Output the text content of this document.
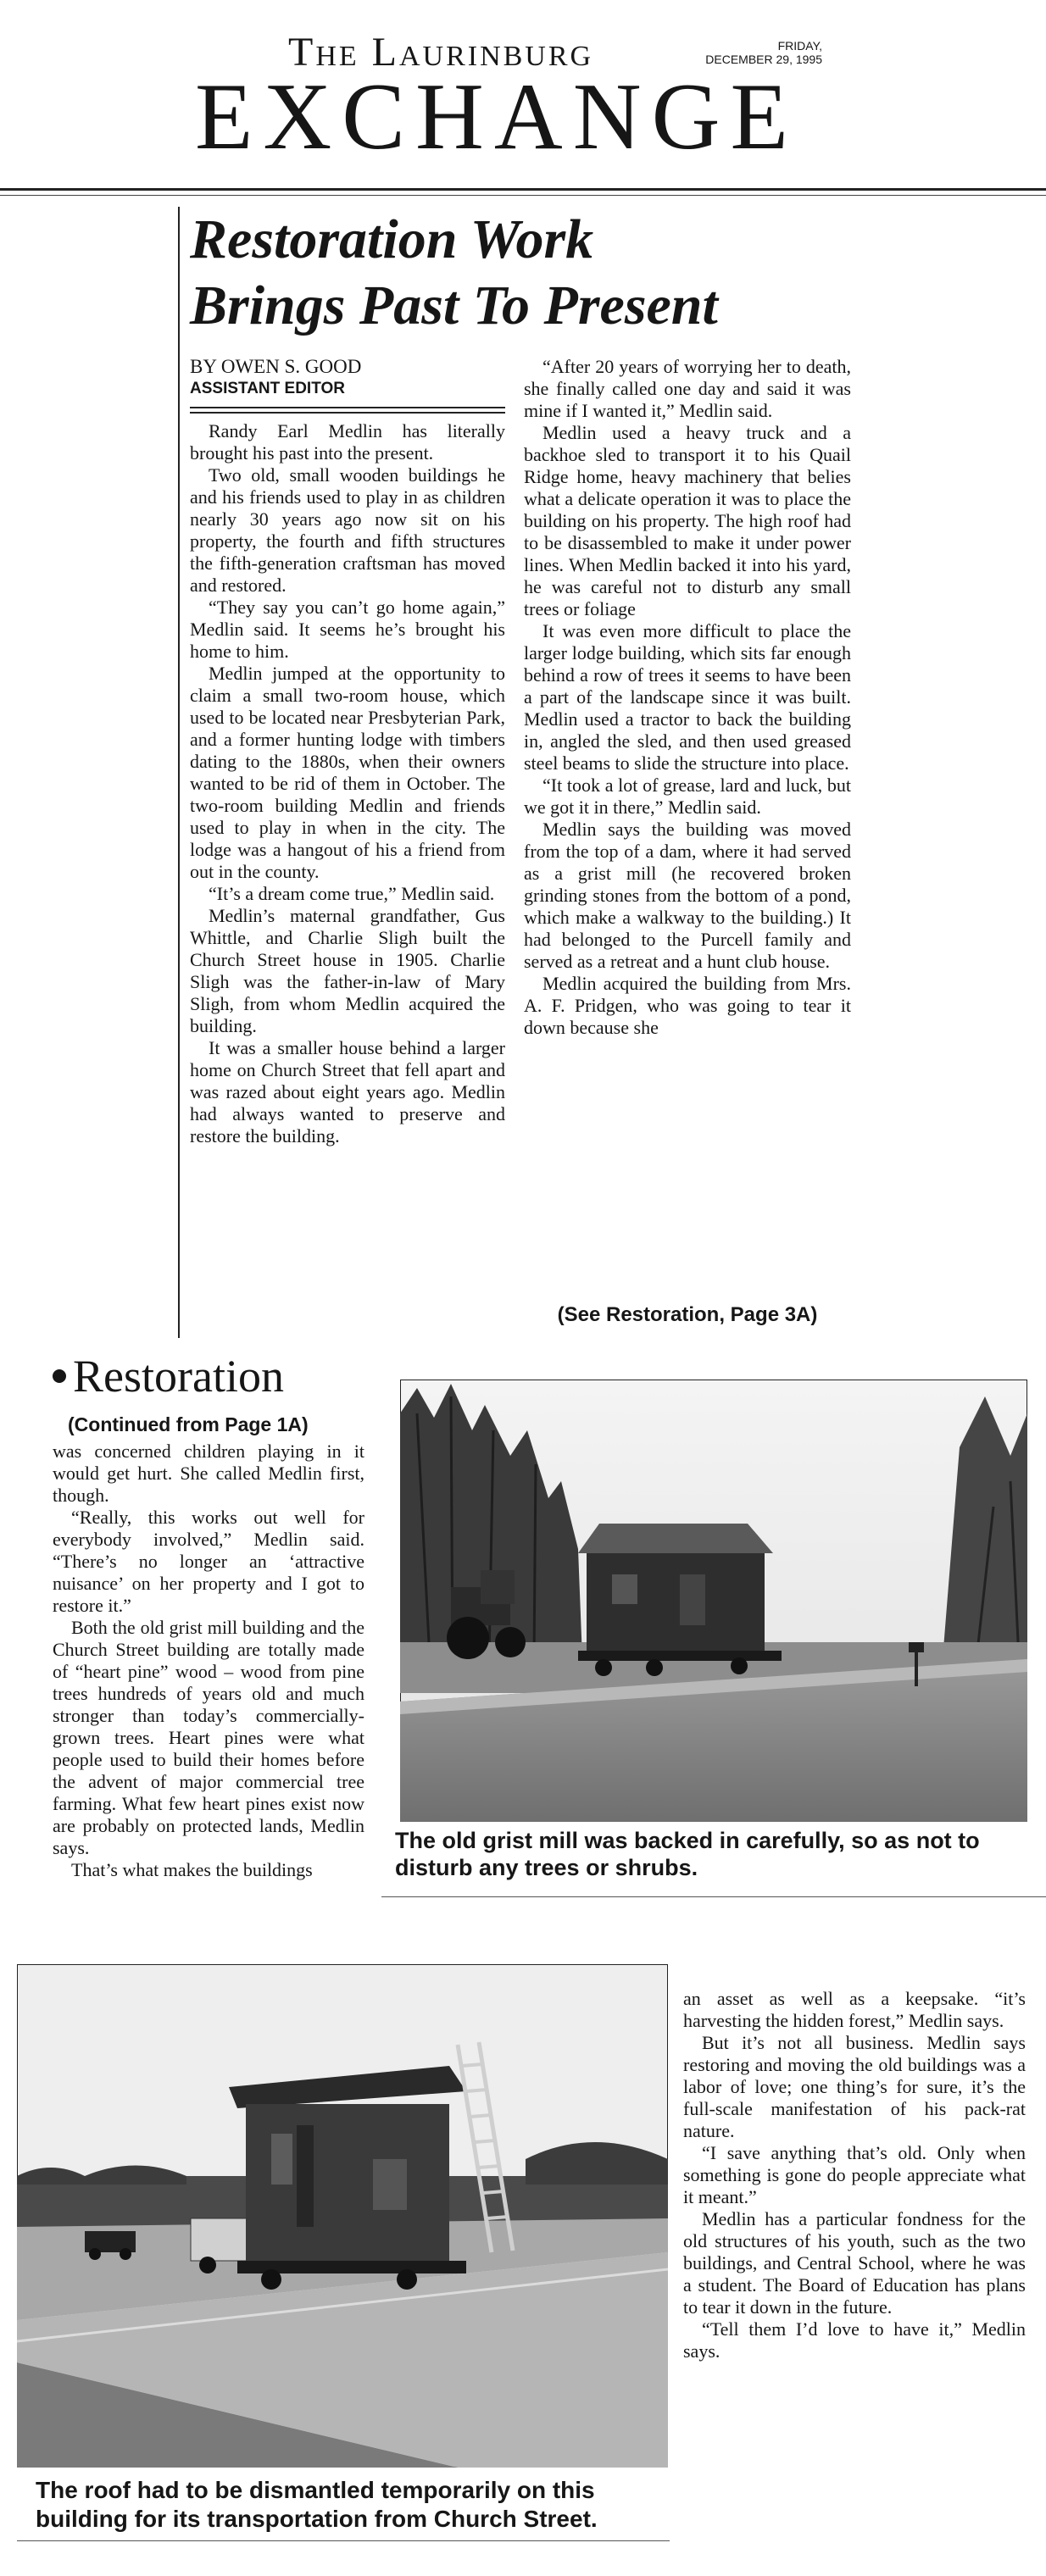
The Laurinburg	FRIDAY,
DECEMBER 29, 1995
EXCHANGE
Restoration Work
Brings Past To Present
BY OWEN S. GOOD
ASSISTANT EDITOR

Randy Earl Medlin has literally brought his past into the present.

Two old, small wooden buildings he and his friends used to play in as children nearly 30 years ago now sit on his property, the fourth and fifth structures the fifth-generation craftsman has moved and restored.

“They say you can’t go home again,” Medlin said. It seems he’s brought his home to him.

Medlin jumped at the opportunity to claim a small two-room house, which used to be located near Presbyterian Park, and a former hunting lodge with timbers dating to the 1880s, when their owners wanted to be rid of them in October. The two-room building Medlin and friends used to play in when in the city. The lodge was a hangout of his a friend from out in the county.

“It’s a dream come true,” Medlin said.

Medlin’s maternal grandfather, Gus Whittle, and Charlie Sligh built the Church Street house in 1905. Charlie Sligh was the father-in-law of Mary Sligh, from whom Medlin acquired the building.

It was a smaller house behind a larger home on Church Street that fell apart and was razed about eight years ago. Medlin had always wanted to preserve and restore the building.

“After 20 years of worrying her to death, she finally called one day and said it was mine if I wanted it,” Medlin said.

Medlin used a heavy truck and a backhoe sled to transport it to his Quail Ridge home, heavy machinery that belies what a delicate operation it was to place the building on his property. The high roof had to be disassembled to make it under power lines. When Medlin backed it into his yard, he was careful not to disturb any small trees or foliage

It was even more difficult to place the larger lodge building, which sits far enough behind a row of trees it seems to have been a part of the landscape since it was built. Medlin used a tractor to back the building in, angled the sled, and then used greased steel beams to slide the structure into place.

“It took a lot of grease, lard and luck, but we got it in there,” Medlin said.

Medlin says the building was moved from the top of a dam, where it had served as a grist mill (he recovered broken grinding stones from the bottom of a pond, which make a walkway to the building.) It had belonged to the Purcell family and served as a retreat and a hunt club house.

Medlin acquired the building from Mrs. A. F. Pridgen, who was going to tear it down because she

(See Restoration, Page 3A)
Restoration
(Continued from Page 1A)

was concerned children playing in it would get hurt. She called Medlin first, though.

“Really, this works out well for everybody involved,” Medlin said. “There’s no longer an ‘attractive nuisance’ on her property and I got to restore it.”

Both the old grist mill building and the Church Street building are totally made of “heart pine” wood – wood from pine trees hundreds of years old and much stronger than today’s commercially-grown trees. Heart pines were what people used to build their homes before the advent of major commercial tree farming. What few heart pines exist now are probably on protected lands, Medlin says.

That’s what makes the buildings

The old grist mill was backed in carefully, so as not to disturb any trees or shrubs.
The roof had to be dismantled temporarily on this building for its transportation from Church Street.

an asset as well as a keepsake. “it’s harvesting the hidden forest,” Medlin says.

But it’s not all business. Medlin says restoring and moving the old buildings was a labor of love; one thing’s for sure, it’s the full-scale manifestation of his pack-rat nature.

“I save anything that’s old. Only when something is gone do people appreciate what it meant.”

Medlin has a particular fondness for the old structures of his youth, such as the two buildings, and Central School, where he was a student. The Board of Education has plans to tear it down in the future.

“Tell them I’d love to have it,” Medlin says.
